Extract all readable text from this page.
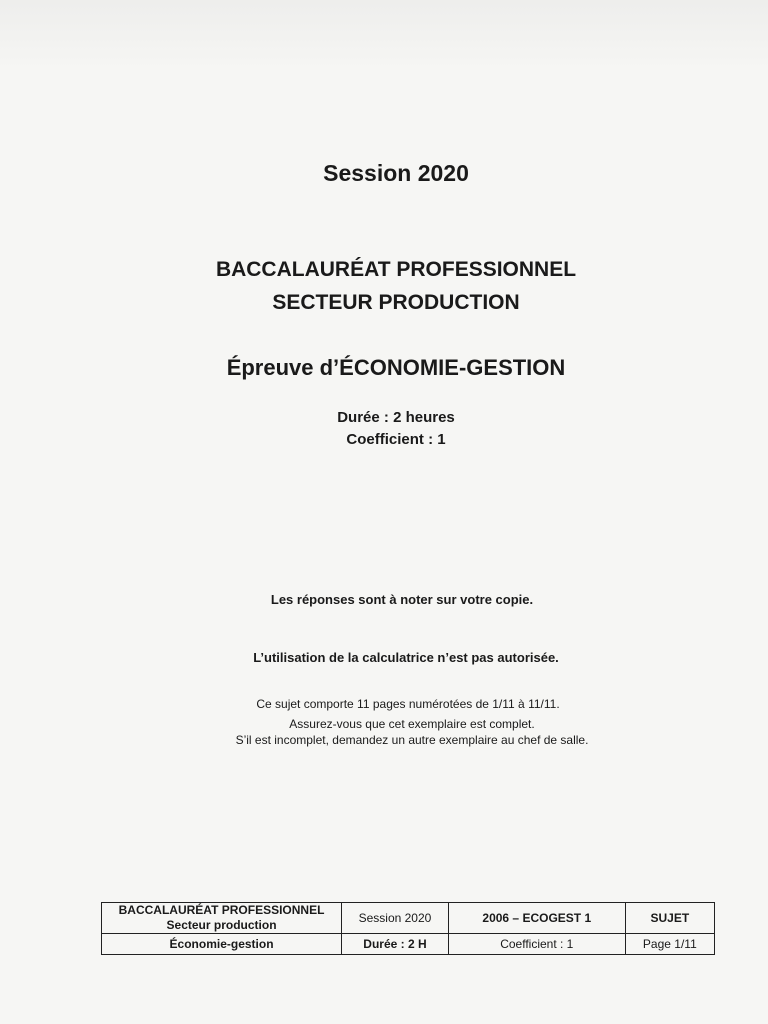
Session 2020
BACCALAURÉAT PROFESSIONNEL
SECTEUR PRODUCTION
Épreuve d’ÉCONOMIE-GESTION
Durée : 2 heures
Coefficient : 1
Les réponses sont à noter sur votre copie.
L’utilisation de la calculatrice n’est pas autorisée.
Ce sujet comporte 11 pages numérotées de 1/11 à 11/11.
Assurez-vous que cet exemplaire est complet.
S’il est incomplet, demandez un autre exemplaire au chef de salle.
BACCALAURÉAT PROFESSIONNEL
Secteur production	Session 2020	2006 – ECOGEST 1	SUJET
Économie-gestion	Durée : 2 H	Coefficient : 1	Page 1/11
